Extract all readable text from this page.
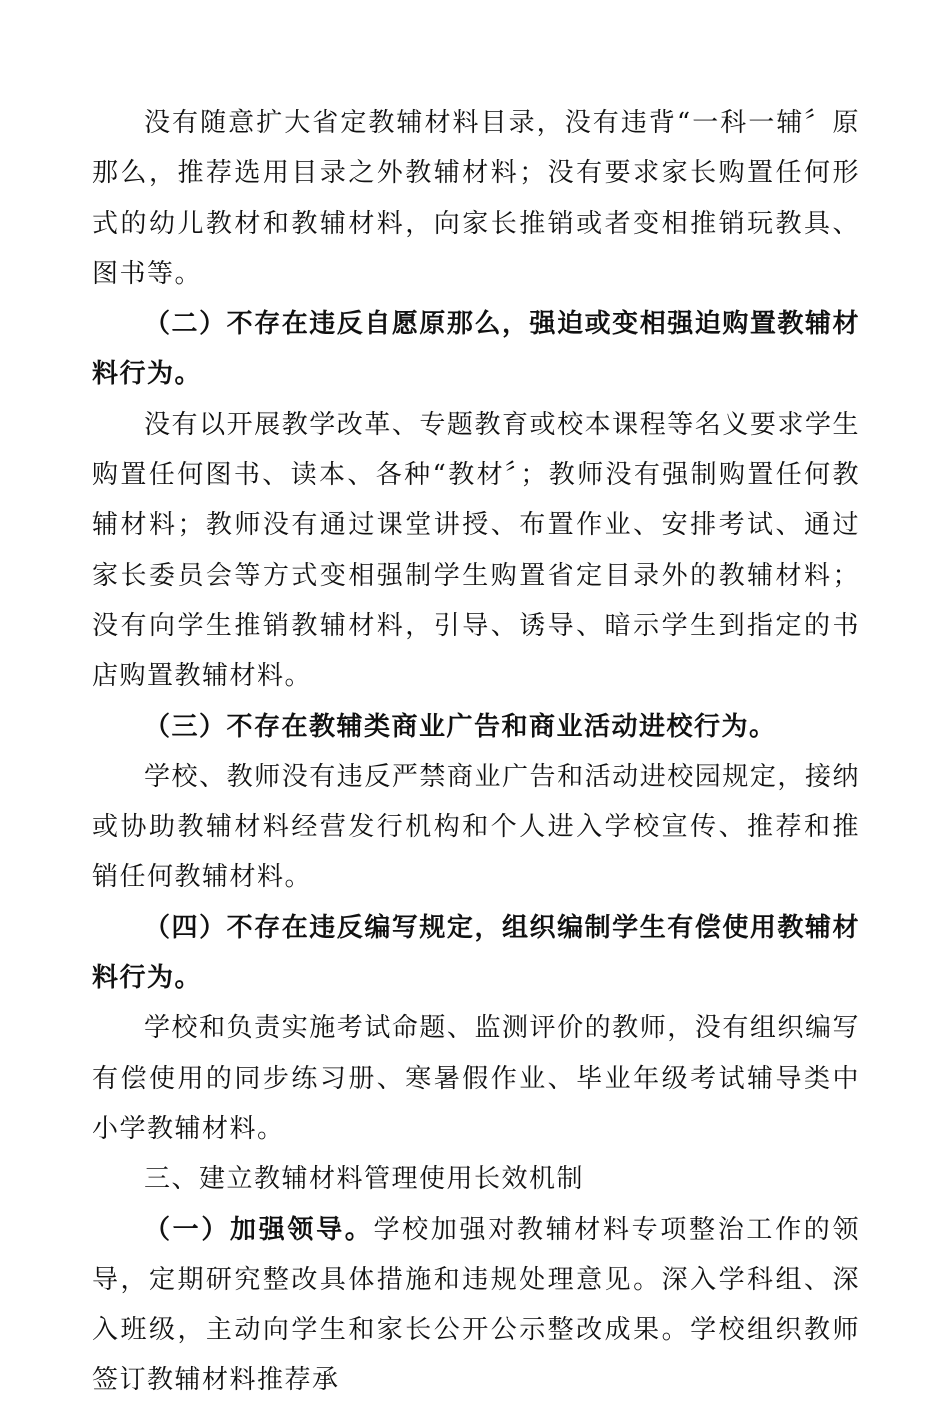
没有随意扩大省定教辅材料目录，没有违背“一科一辅〞原那么，推荐选用目录之外教辅材料；没有要求家长购置任何形式的幼儿教材和教辅材料，向家长推销或者变相推销玩教具、图书等。

（二）不存在违反自愿原那么，强迫或变相强迫购置教辅材料行为。

没有以开展教学改革、专题教育或校本课程等名义要求学生购置任何图书、读本、各种“教材〞；教师没有强制购置任何教辅材料；教师没有通过课堂讲授、布置作业、安排考试、通过家长委员会等方式变相强制学生购置省定目录外的教辅材料；没有向学生推销教辅材料，引导、诱导、暗示学生到指定的书店购置教辅材料。

（三）不存在教辅类商业广告和商业活动进校行为。

学校、教师没有违反严禁商业广告和活动进校园规定，接纳或协助教辅材料经营发行机构和个人进入学校宣传、推荐和推销任何教辅材料。

（四）不存在违反编写规定，组织编制学生有偿使用教辅材料行为。

学校和负责实施考试命题、监测评价的教师，没有组织编写有偿使用的同步练习册、寒暑假作业、毕业年级考试辅导类中小学教辅材料。

三、建立教辅材料管理使用长效机制

（一）加强领导。学校加强对教辅材料专项整治工作的领导，定期研究整改具体措施和违规处理意见。深入学科组、深入班级，主动向学生和家长公开公示整改成果。学校组织教师签订教辅材料推荐承
